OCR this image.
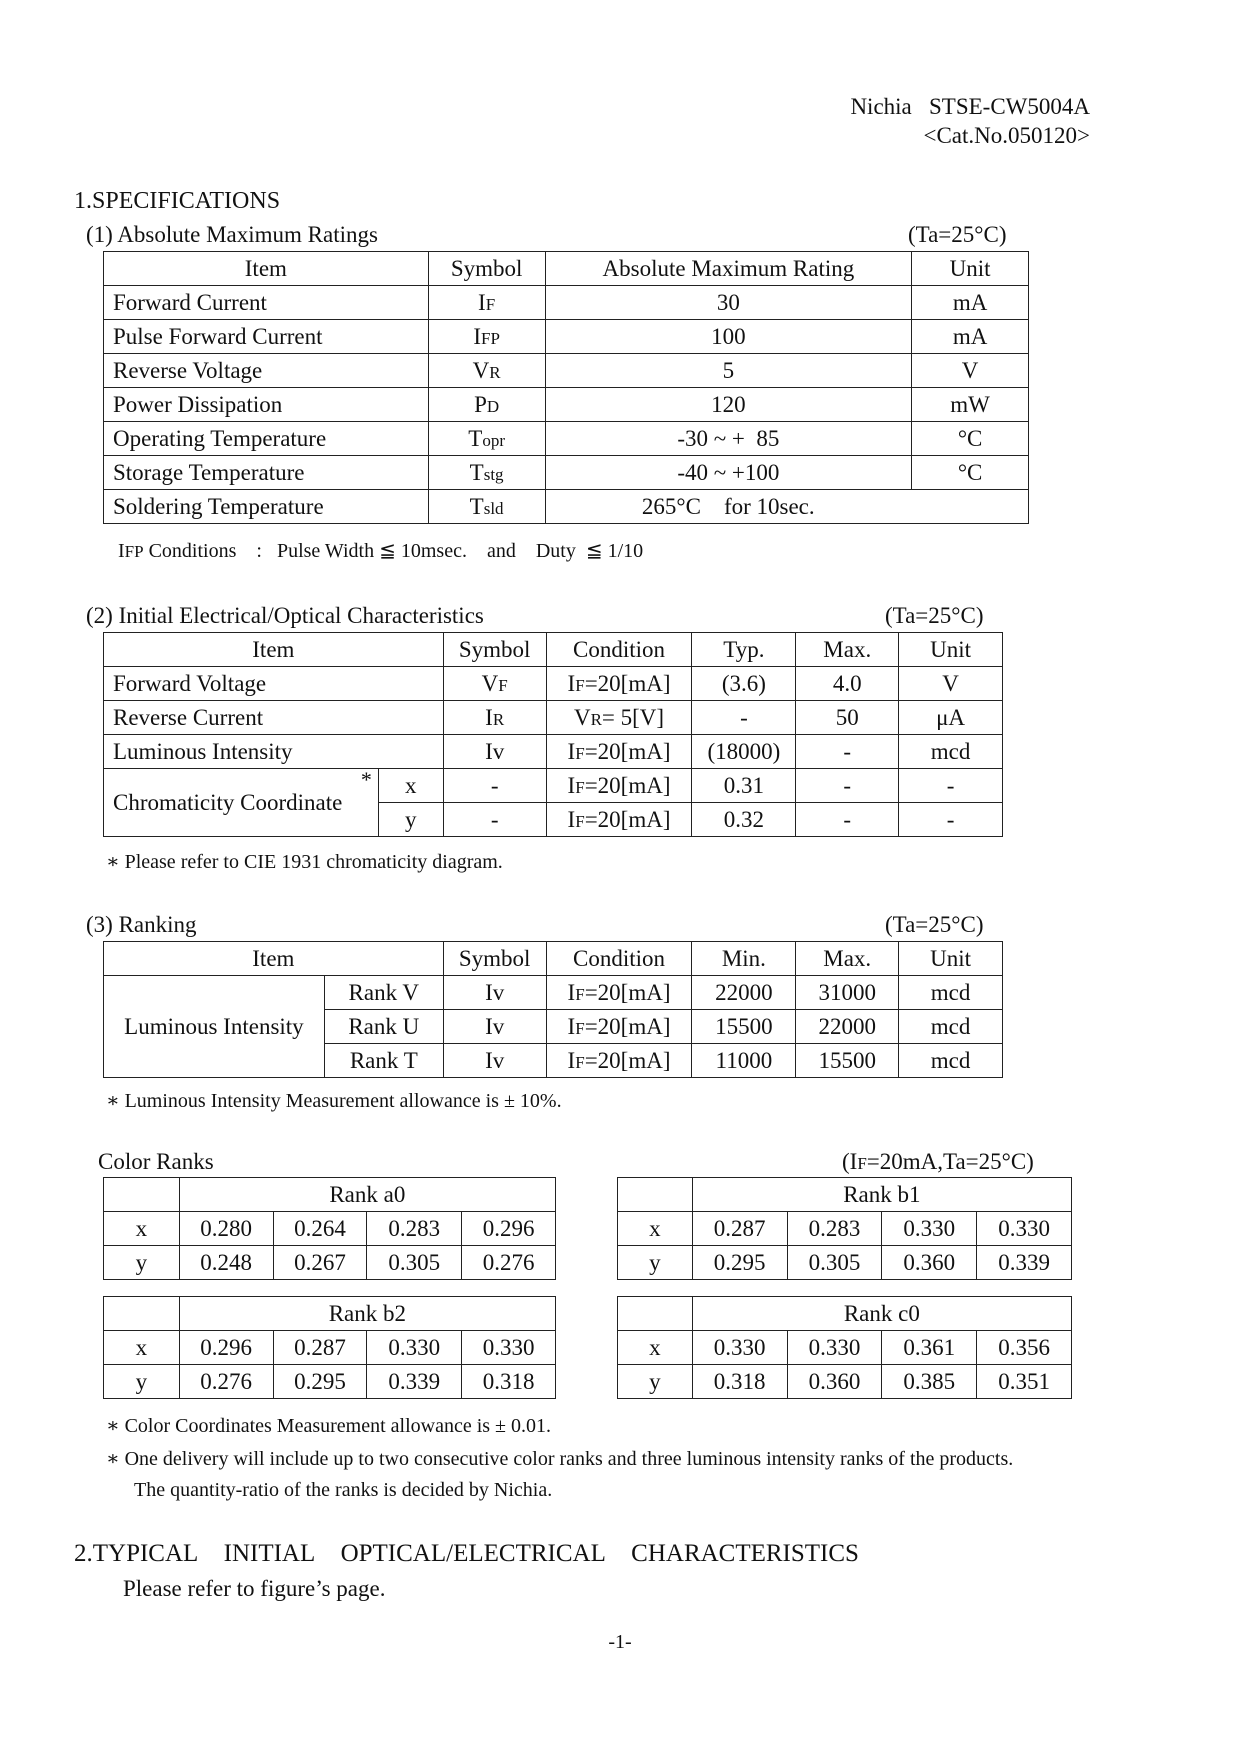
Nichia STSE-CW5004A
<Cat.No.050120>
1.SPECIFICATIONS
(1) Absolute Maximum Ratings	(Ta=25°C)
Item	Symbol	Absolute Maximum Rating	Unit
Forward Current	IF	30	mA
Pulse Forward Current	IFP	100	mA
Reverse Voltage	VR	5	V
Power Dissipation	PD	120	mW
Operating Temperature	Topr	-30 ~ +  85	°C
Storage Temperature	Tstg	-40 ~ +100	°C
Soldering Temperature	Tsld	265°C    for 10sec.	
IFP Conditions    :   Pulse Width ≦ 10msec.    and    Duty  ≦ 1/10
(2) Initial Electrical/Optical Characteristics	(Ta=25°C)
Item		Symbol	Condition	Typ.	Max.	Unit
Forward Voltage		VF	IF=20[mA]	(3.6)	4.0	V
Reverse Current		IR	VR= 5[V]	-	50	μA
Luminous Intensity		Iv	IF=20[mA]	(18000)	-	mcd
Chromaticity Coordinate
*	x	-	IF=20[mA]	0.31	-	-
	y	-	IF=20[mA]	0.32	-	-
∗ Please refer to CIE 1931 chromaticity diagram.
(3) Ranking	(Ta=25°C)
Item		Symbol	Condition	Min.	Max.	Unit
Luminous Intensity	Rank V	Iv	IF=20[mA]	22000	31000	mcd
	Rank U	Iv	IF=20[mA]	15500	22000	mcd
	Rank T	Iv	IF=20[mA]	11000	15500	mcd
∗ Luminous Intensity Measurement allowance is ± 10%.
Color Ranks	(IF=20mA,Ta=25°C)
	Rank a0			
x	0.280	0.264	0.283	0.296
y	0.248	0.267	0.305	0.276
	Rank b1			
x	0.287	0.283	0.330	0.330
y	0.295	0.305	0.360	0.339
	Rank b2			
x	0.296	0.287	0.330	0.330
y	0.276	0.295	0.339	0.318
	Rank c0			
x	0.330	0.330	0.361	0.356
y	0.318	0.360	0.385	0.351
∗ Color Coordinates Measurement allowance is ± 0.01.
∗ One delivery will include up to two consecutive color ranks and three luminous intensity ranks of the products.
The quantity-ratio of the ranks is decided by Nichia.
2.TYPICAL INITIAL OPTICAL/ELECTRICAL CHARACTERISTICS
Please refer to figure’s page.
-1-
